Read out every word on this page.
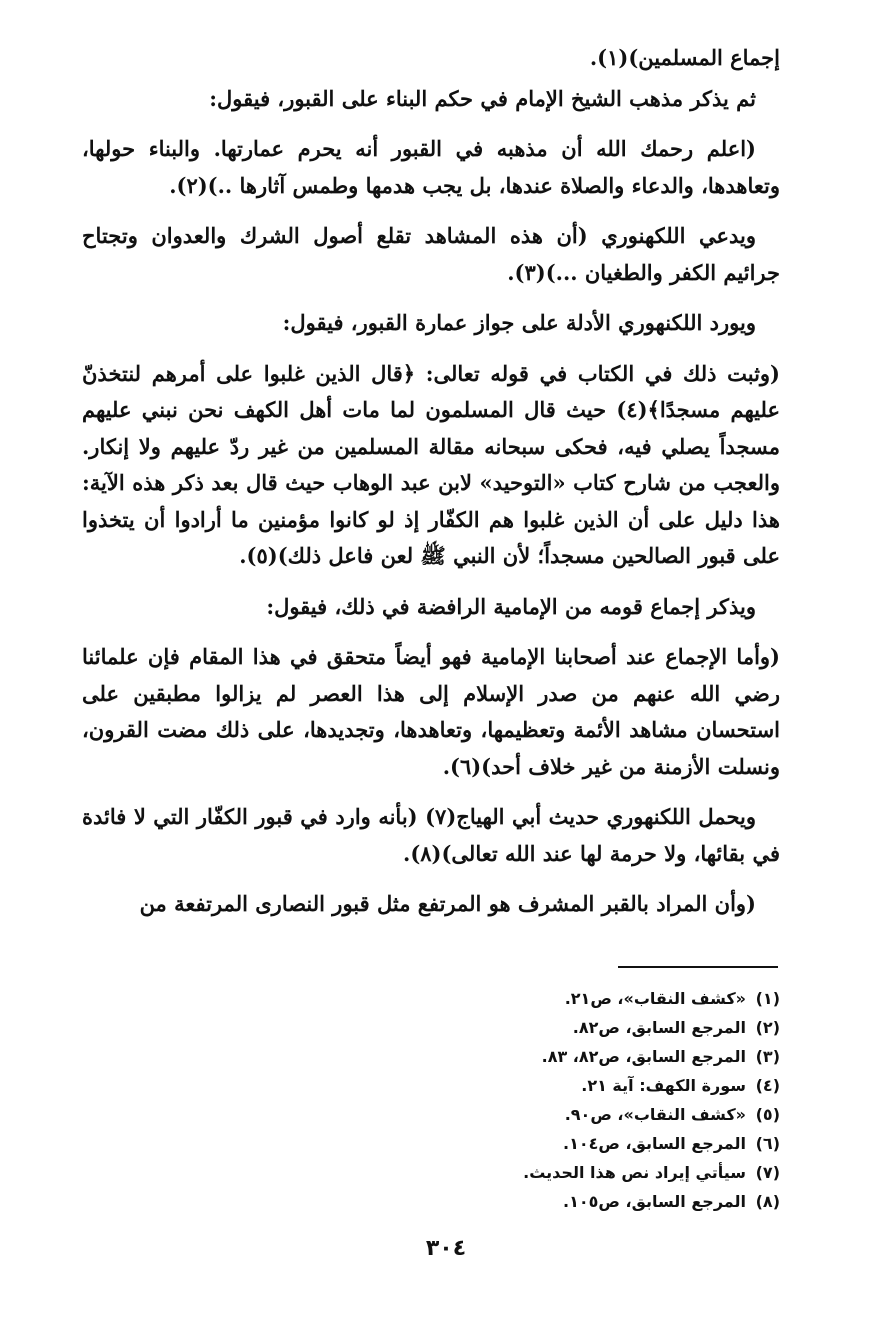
إجماع المسلمين)(١).

ثم يذكر مذهب الشيخ الإمام في حكم البناء على القبور، فيقول:

(اعلم رحمك الله أن مذهبه في القبور أنه يحرم عمارتها. والبناء حولها، وتعاهدها، والدعاء والصلاة عندها، بل يجب هدمها وطمس آثارها ..)(٢).

ويدعي اللكهنوري (أن هذه المشاهد تقلع أصول الشرك والعدوان وتجتاح جرائيم الكفر والطغيان ...)(٣).

ويورد اللكنهوري الأدلة على جواز عمارة القبور، فيقول:

(وثبت ذلك في الكتاب في قوله تعالى: ﴿قال الذين غلبوا على أمرهم لنتخذنّ عليهم مسجدًا﴾(٤) حيث قال المسلمون لما مات أهل الكهف نحن نبني عليهم مسجداً يصلي فيه، فحكى سبحانه مقالة المسلمين من غير ردّ عليهم ولا إنكار. والعجب من شارح كتاب «التوحيد» لابن عبد الوهاب حيث قال بعد ذكر هذه الآية: هذا دليل على أن الذين غلبوا هم الكفّار إذ لو كانوا مؤمنين ما أرادوا أن يتخذوا على قبور الصالحين مسجداً؛ لأن النبي ﷺ لعن فاعل ذلك)(٥).

ويذكر إجماع قومه من الإمامية الرافضة في ذلك، فيقول:

(وأما الإجماع عند أصحابنا الإمامية فهو أيضاً متحقق في هذا المقام فإن علمائنا رضي الله عنهم من صدر الإسلام إلى هذا العصر لم يزالوا مطبقين على استحسان مشاهد الأئمة وتعظيمها، وتعاهدها، وتجديدها، على ذلك مضت القرون، ونسلت الأزمنة من غير خلاف أحد)(٦).

ويحمل اللكنهوري حديث أبي الهياج(٧) (بأنه وارد في قبور الكفّار التي لا فائدة في بقائها، ولا حرمة لها عند الله تعالى)(٨).

(وأن المراد بالقبر المشرف هو المرتفع مثل قبور النصارى المرتفعة من

(١)
«كشف النقاب»، ص٢١.
(٢)
المرجع السابق، ص٨٢.
(٣)
المرجع السابق، ص٨٢، ٨٣.
(٤)
سورة الكهف: آية ٢١.
(٥)
«كشف النقاب»، ص٩٠.
(٦)
المرجع السابق، ص١٠٤.
(٧)
سيأتي إيراد نص هذا الحديث.
(٨)
المرجع السابق، ص١٠٥.
٣٠٤
